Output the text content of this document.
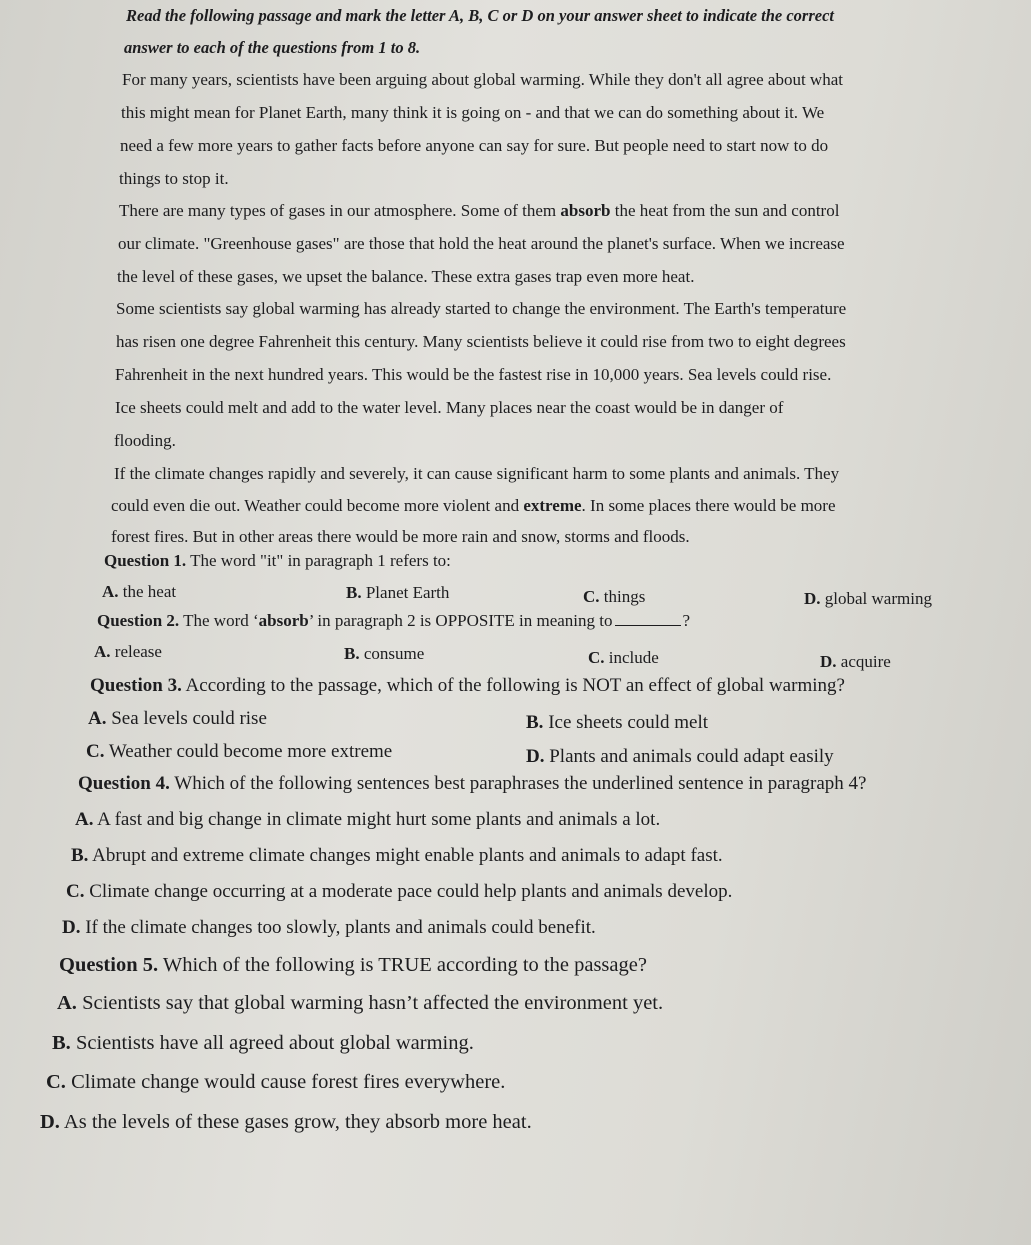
Read the following passage and mark the letter A, B, C or D on your answer sheet to indicate the correct
answer to each of the questions from 1 to 8.
For many years, scientists have been arguing about global warming. While they don't all agree about what
this might mean for Planet Earth, many think it is going on - and that we can do something about it. We
need a few more years to gather facts before anyone can say for sure. But people need to start now to do
things to stop it.
There are many types of gases in our atmosphere. Some of them absorb the heat from the sun and control
our climate. "Greenhouse gases" are those that hold the heat around the planet's surface. When we increase
the level of these gases, we upset the balance. These extra gases trap even more heat.
Some scientists say global warming has already started to change the environment. The Earth's temperature
has risen one degree Fahrenheit this century. Many scientists believe it could rise from two to eight degrees
Fahrenheit in the next hundred years. This would be the fastest rise in 10,000 years. Sea levels could rise.
Ice sheets could melt and add to the water level. Many places near the coast would be in danger of
flooding.
If the climate changes rapidly and severely, it can cause significant harm to some plants and animals. They
could even die out. Weather could become more violent and extreme. In some places there would be more
forest fires. But in other areas there would be more rain and snow, storms and floods.
Question 1. The word "it" in paragraph 1 refers to:
A. the heat	B. Planet Earth	C. things	D. global warming
Question 2. The word ‘absorb’ in paragraph 2 is OPPOSITE in meaning to	?
A. release	B. consume	C. include	D. acquire
Question 3. According to the passage, which of the following is NOT an effect of global warming?
A. Sea levels could rise	B. Ice sheets could melt
C. Weather could become more extreme	D. Plants and animals could adapt easily
Question 4. Which of the following sentences best paraphrases the underlined sentence in paragraph 4?
A. A fast and big change in climate might hurt some plants and animals a lot.
B. Abrupt and extreme climate changes might enable plants and animals to adapt fast.
C. Climate change occurring at a moderate pace could help plants and animals develop.
D. If the climate changes too slowly, plants and animals could benefit.
Question 5. Which of the following is TRUE according to the passage?
A. Scientists say that global warming hasn’t affected the environment yet.
B. Scientists have all agreed about global warming.
C. Climate change would cause forest fires everywhere.
D. As the levels of these gases grow, they absorb more heat.
